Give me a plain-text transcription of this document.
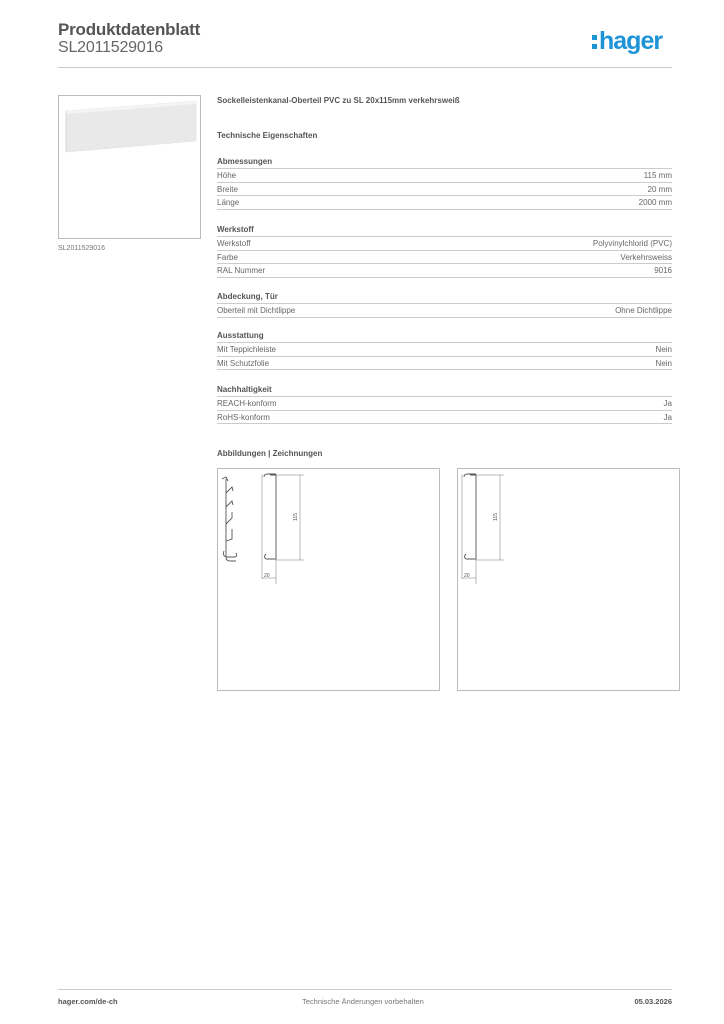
Produktdatenblatt
SL2011529016	hager
SL2011529016
Sockelleistenkanal-Oberteil PVC zu SL 20x115mm verkehrsweiß
Technische Eigenschaften
Abmessungen
Höhe	115 mm
Breite	20 mm
Länge	2000 mm
Werkstoff
Werkstoff	Polyvinylchlorid (PVC)
Farbe	Verkehrsweiss
RAL Nummer	9016
Abdeckung, Tür
Oberteil mit Dichtlippe	Ohne Dichtlippe
Ausstattung
Mit Teppichleiste	Nein
Mit Schutzfolie	Nein
Nachhaltigkeit
REACH-konform	Ja
RoHS-konform	Ja
Abbildungen | Zeichnungen
115
20
115
20
hager.com/de-ch	Technische Änderungen vorbehalten	05.03.2026
